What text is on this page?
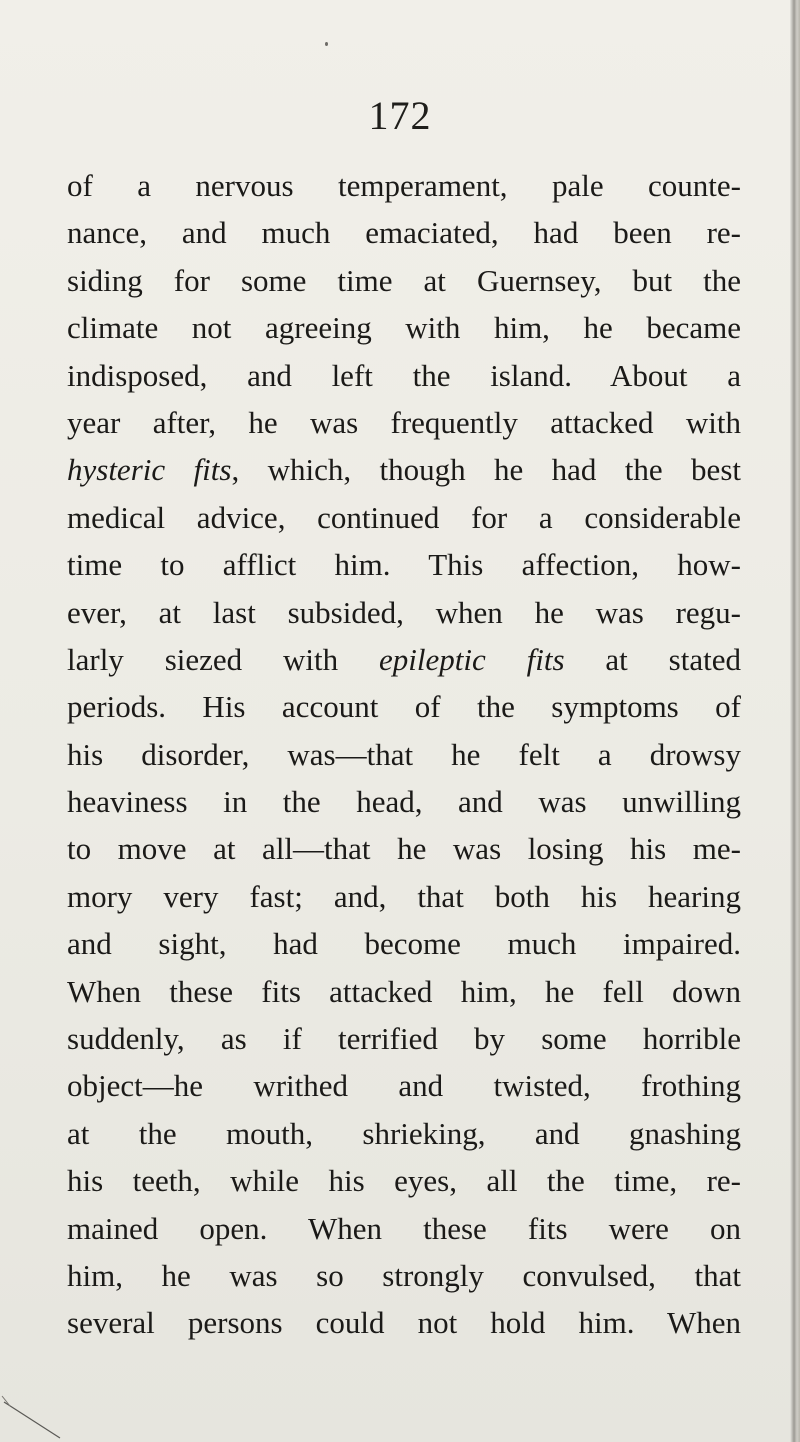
172
of a nervous temperament, pale counte-
nance, and much emaciated, had been re-
siding for some time at Guernsey, but the
climate not agreeing with him, he became
indisposed, and left the island. About a
year after, he was frequently attacked with
hysteric fits, which, though he had the best
medical advice, continued for a considerable
time to afflict him. This affection, how-
ever, at last subsided, when he was regu-
larly siezed with epileptic fits at stated
periods. His account of the symptoms of
his disorder, was—that he felt a drowsy
heaviness in the head, and was unwilling
to move at all—that he was losing his me-
mory very fast; and, that both his hearing
and sight, had become much impaired.
When these fits attacked him, he fell down
suddenly, as if terrified by some horrible
object—he writhed and twisted, frothing
at the mouth, shrieking, and gnashing
his teeth, while his eyes, all the time, re-
mained open. When these fits were on
him, he was so strongly convulsed, that
several persons could not hold him. When
